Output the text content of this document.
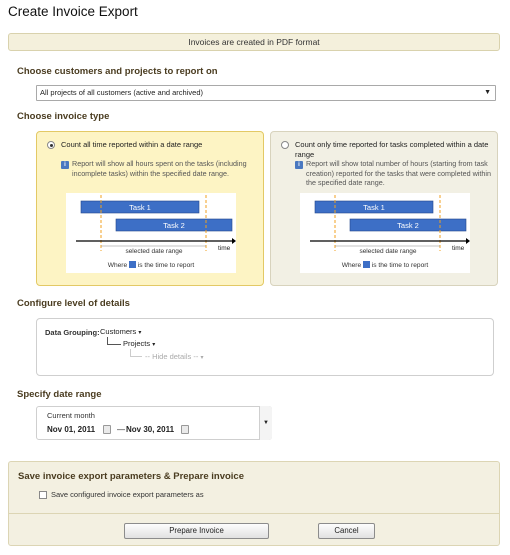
Create Invoice Export
Invoices are created in PDF format
Choose customers and projects to report on
All projects of all customers (active and archived)	▼
Choose invoice type
Count all time reported within a date range
i Report will show all hours spent on the tasks (including incomplete tasks) within the specified date range.
Task 1
Task 2
time
selected date range
Where is the time to report
Count only time reported for tasks completed within a date range
i Report will show total number of hours (starting from task creation) reported for the tasks that were completed within the specified date range.
Task 1
Task 2
time
selected date range
Where is the time to report
Configure level of details
Data Grouping: Customers ▾
Projects ▾
-- Hide details -- ▾
Specify date range
Current month
Nov 01, 2011	— Nov 30, 2011
▼
Save invoice export parameters & Prepare invoice
Save configured invoice export parameters as
Prepare Invoice	Cancel
